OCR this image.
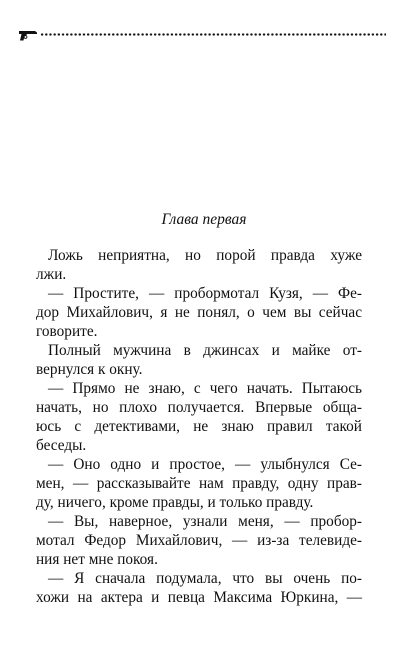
Глава первая
Ложь неприятна, но порой правда хуже
лжи.
— Простите, — пробормотал Кузя, — Фе-
дор Михайлович, я не понял, о чем вы сейчас
говорите.
Полный мужчина в джинсах и майке от-
вернулся к окну.
— Прямо не знаю, с чего начать. Пытаюсь
начать, но плохо получается. Впервые обща-
юсь с детективами, не знаю правил такой
беседы.
— Оно одно и простое, — улыбнулся Се-
мен, — рассказывайте нам правду, одну прав-
ду, ничего, кроме правды, и только правду.
— Вы, наверное, узнали меня, — пробор-
мотал Федор Михайлович, — из-за телевиде-
ния нет мне покоя.
— Я сначала подумала, что вы очень по-
хожи на актера и певца Максима Юркина, —
